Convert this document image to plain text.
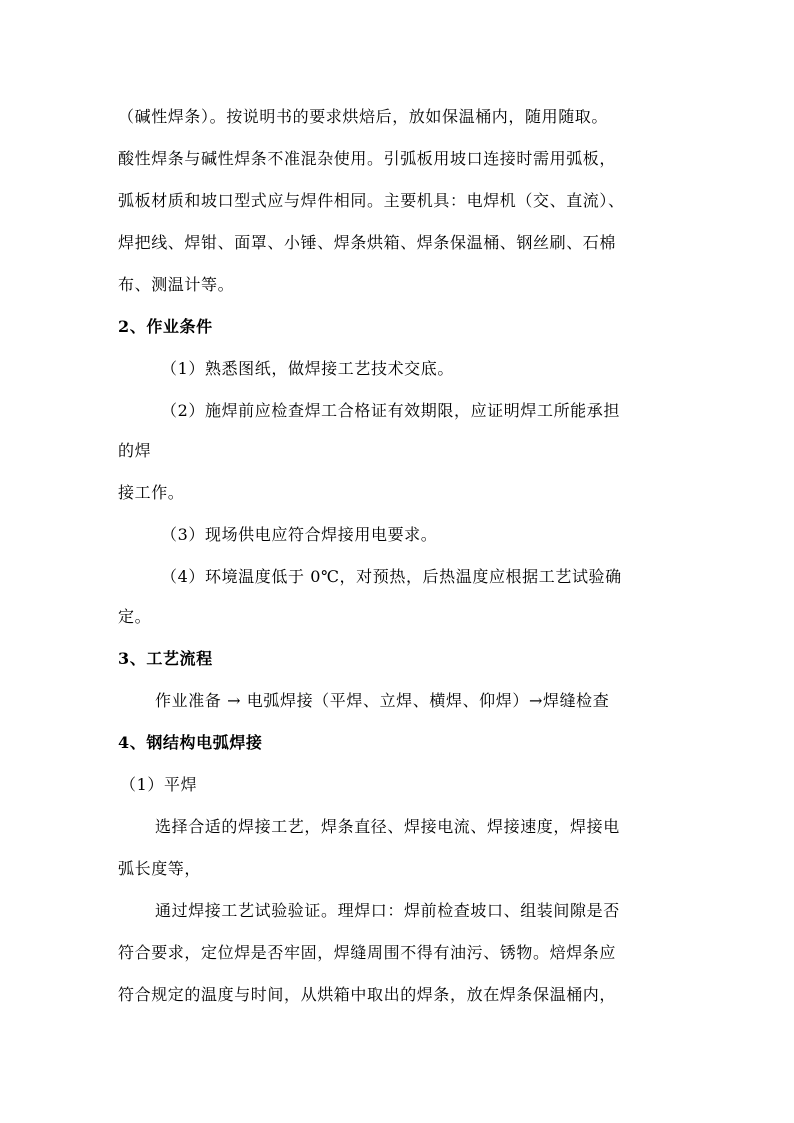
（碱性焊条）。按说明书的要求烘焙后，放如保温桶内，随用随取。
酸性焊条与碱性焊条不准混杂使用。引弧板用坡口连接时需用弧板，
弧板材质和坡口型式应与焊件相同。主要机具：电焊机（交、直流）、
焊把线、焊钳、面罩、小锤、焊条烘箱、焊条保温桶、钢丝刷、石棉
布、测温计等。
2、作业条件
（1）熟悉图纸，做焊接工艺技术交底。
（2）施焊前应检查焊工合格证有效期限，应证明焊工所能承担
的焊
接工作。
（3）现场供电应符合焊接用电要求。
（4）环境温度低于 0℃，对预热，后热温度应根据工艺试验确
定。
3、工艺流程
作业准备 → 电弧焊接（平焊、立焊、横焊、仰焊）→焊缝检查
4、钢结构电弧焊接
（1）平焊
选择合适的焊接工艺，焊条直径、焊接电流、焊接速度，焊接电
弧长度等，
通过焊接工艺试验验证。理焊口：焊前检查坡口、组装间隙是否
符合要求，定位焊是否牢固，焊缝周围不得有油污、锈物。焙焊条应
符合规定的温度与时间，从烘箱中取出的焊条，放在焊条保温桶内，
